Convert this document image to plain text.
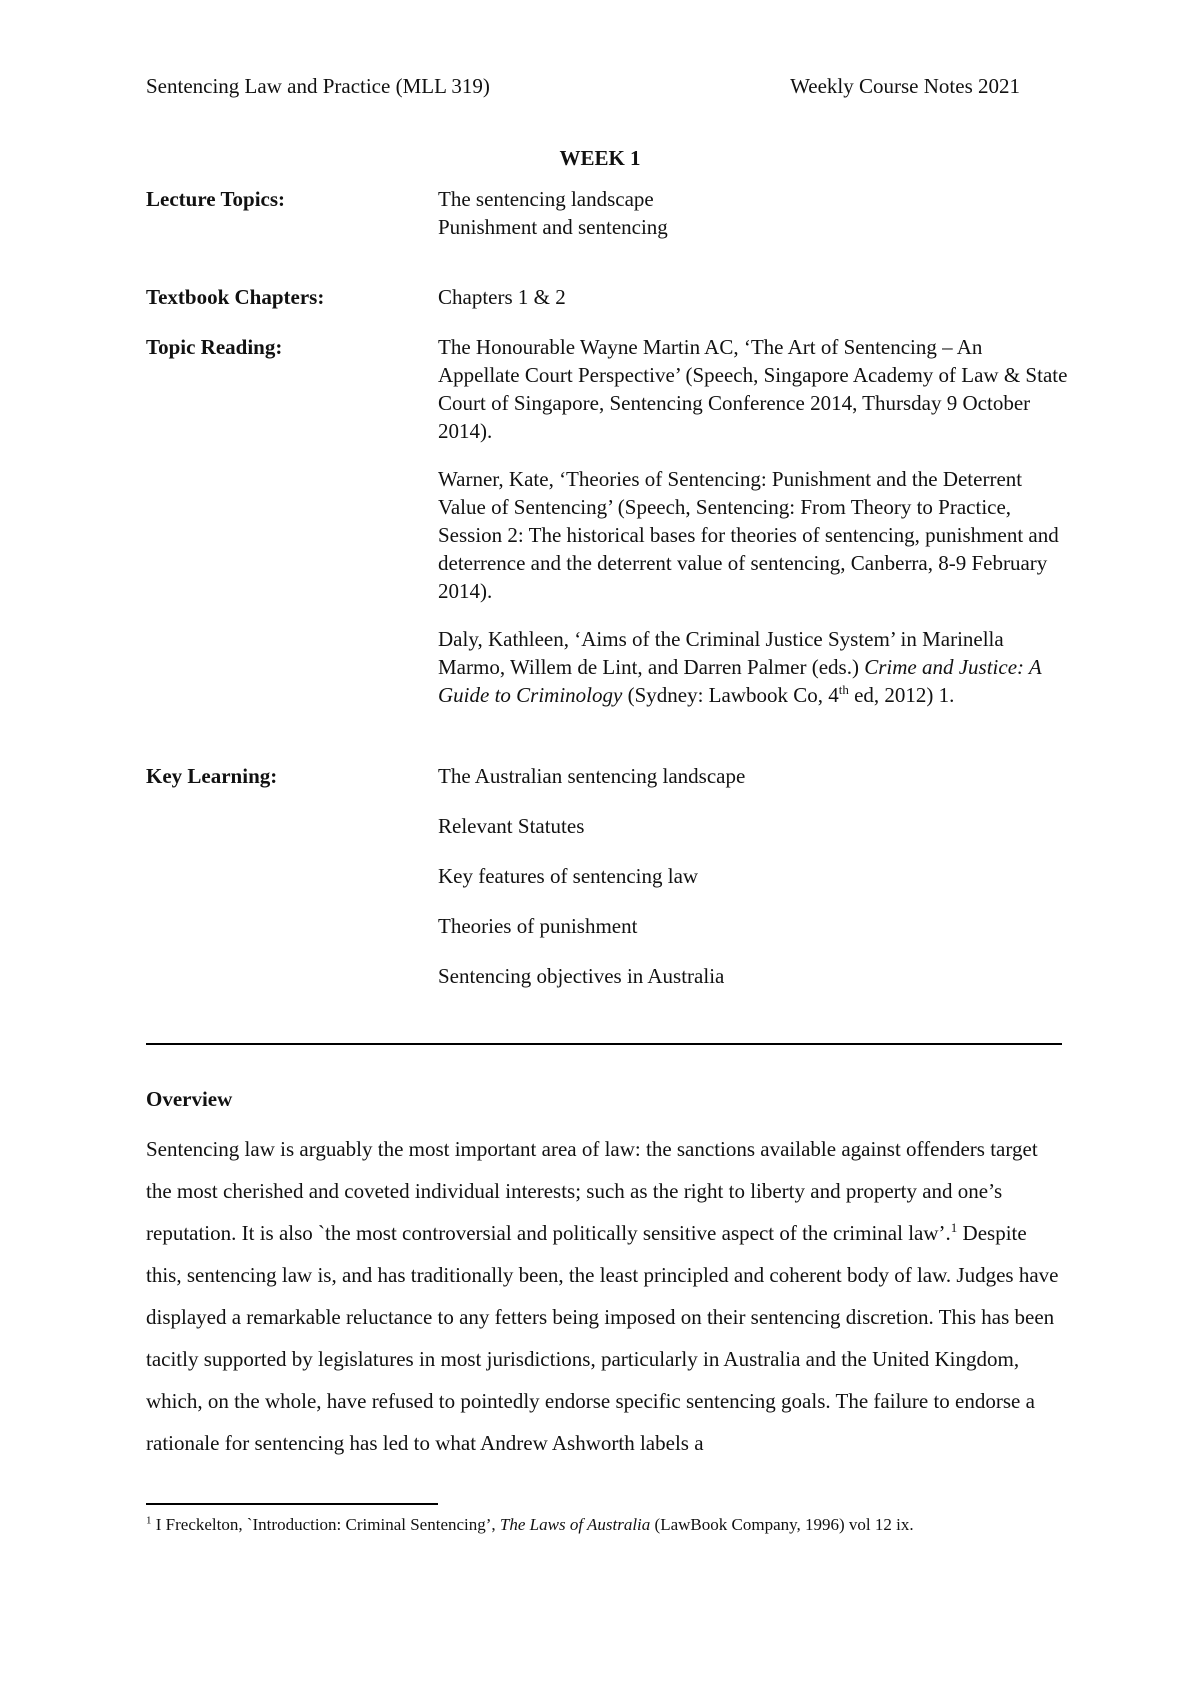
Sentencing Law and Practice (MLL 319)	Weekly Course Notes 2021
WEEK 1
Lecture Topics:	The sentencing landscape

Punishment and sentencing

Textbook Chapters:	Chapters 1 & 2
Topic Reading:	The Honourable Wayne Martin AC, ‘The Art of Sentencing – An Appellate Court Perspective’ (Speech, Singapore Academy of Law & State Court of Singapore, Sentencing Conference 2014, Thursday 9 October 2014).

Warner, Kate, ‘Theories of Sentencing: Punishment and the Deterrent Value of Sentencing’ (Speech, Sentencing: From Theory to Practice, Session 2: The historical bases for theories of sentencing, punishment and deterrence and the deterrent value of sentencing, Canberra, 8-9 February 2014).

Daly, Kathleen, ‘Aims of the Criminal Justice System’ in Marinella Marmo, Willem de Lint, and Darren Palmer (eds.) Crime and Justice: A Guide to Criminology (Sydney: Lawbook Co, 4th ed, 2012) 1.

Key Learning:	The Australian sentencing landscape

Relevant Statutes

Key features of sentencing law

Theories of punishment

Sentencing objectives in Australia

Overview

Sentencing law is arguably the most important area of law: the sanctions available against offenders target the most cherished and coveted individual interests; such as the right to liberty and property and one’s reputation. It is also `the most controversial and politically sensitive aspect of the criminal law’.$^1$ Despite this, sentencing law is, and has traditionally been, the least principled and coherent body of law. Judges have displayed a remarkable reluctance to any fetters being imposed on their sentencing discretion. This has been tacitly supported by legislatures in most jurisdictions, particularly in Australia and the United Kingdom, which, on the whole, have refused to pointedly endorse specific sentencing goals. The failure to endorse a rationale for sentencing has led to what Andrew Ashworth labels a

$^1$ I Freckelton, `Introduction: Criminal Sentencing’, The Laws of Australia (LawBook Company, 1996) vol 12 ix.
